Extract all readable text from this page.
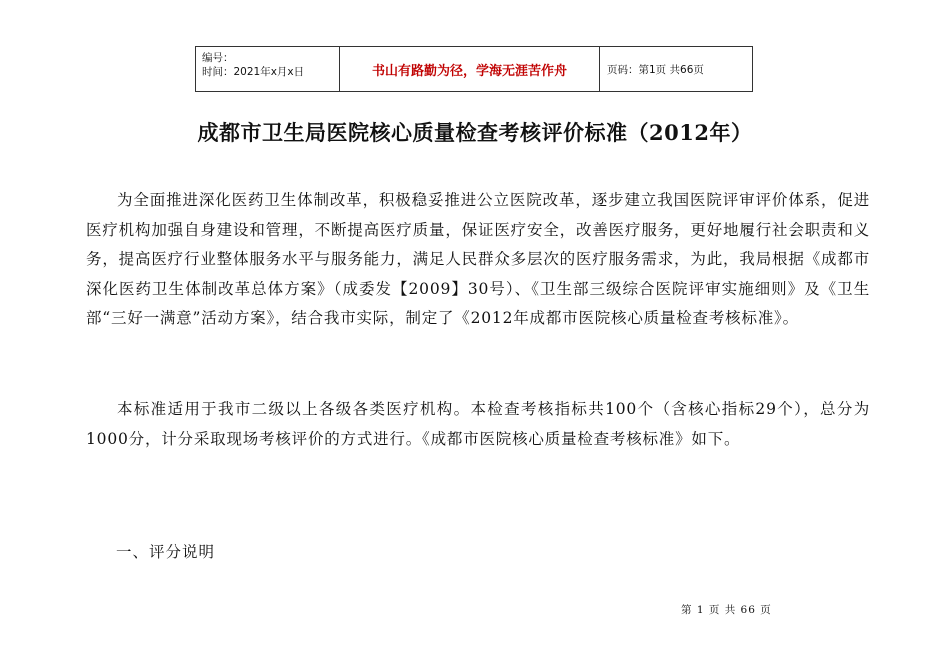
编号：
时间：2021年x月x日	书山有路勤为径，学海无涯苦作舟	页码：第1页 共66页
成都市卫生局医院核心质量检查考核评价标准（2012年）

为全面推进深化医药卫生体制改革，积极稳妥推进公立医院改革，逐步建立我国医院评审评价体系，促进医疗机构加强自身建设和管理，不断提高医疗质量，保证医疗安全，改善医疗服务，更好地履行社会职责和义务，提高医疗行业整体服务水平与服务能力，满足人民群众多层次的医疗服务需求，为此，我局根据《成都市深化医药卫生体制改革总体方案》（成委发【2009】30号）、《卫生部三级综合医院评审实施细则》及《卫生部“三好一满意”活动方案》，结合我市实际，制定了《2012年成都市医院核心质量检查考核标准》。

本标准适用于我市二级以上各级各类医疗机构。本检查考核指标共100个（含核心指标29个），总分为1000分，计分采取现场考核评价的方式进行。《成都市医院核心质量检查考核标准》如下。

一、评分说明
第 1 页 共 66 页
